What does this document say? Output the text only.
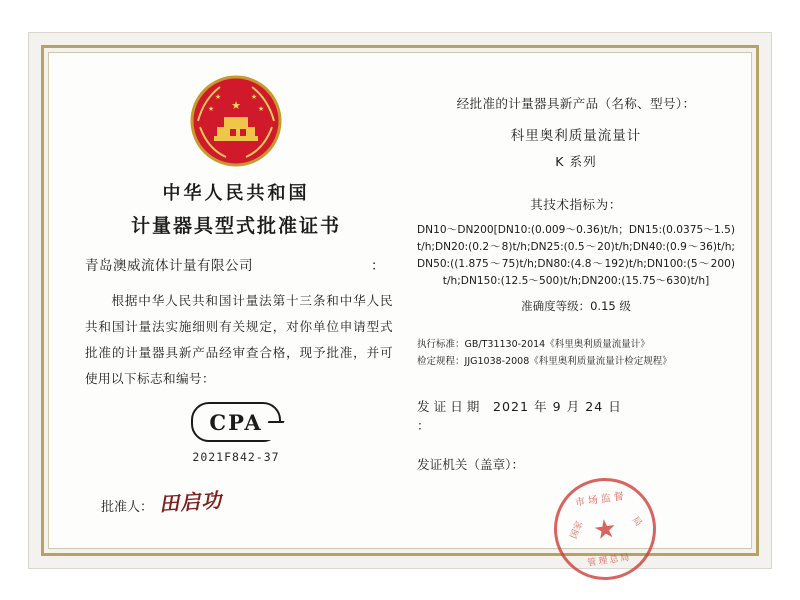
★
★	★
★	★
中华人民共和国
计量器具型式批准证书
：
青岛澳威流体计量有限公司
根据中华人民共和国计量法第十三条和中华人民共和国计量法实施细则有关规定，对你单位申请型式批准的计量器具新产品经审查合格，现予批准，并可使用以下标志和编号：
CPA
2021F842-37
批准人： 田启功
经批准的计量器具新产品（名称、型号）：
科里奥利质量流量计
K 系列
其技术指标为：
DN10～DN200[DN10:(0.009～0.36)t/h；DN15:(0.0375～1.5)t/h;DN20:(0.2～8)t/h;DN25:(0.5～20)t/h;DN40:(0.9～36)t/h;DN50:((1.875～75)t/h;DN80:(4.8～192)t/h;DN100:(5～200)t/h;DN150:(12.5～500)t/h;DN200:(15.75～630)t/h]
准确度等级：0.15 级
执行标准：GB/T31130-2014《科里奥利质量流量计》
检定规程：JJG1038-2008《科里奥利质量流量计检定规程》
发 证 日 期 ：
2021 年 9 月 24 日
发证机关（盖章）：
市场监督
国家	局
★
管理总局
